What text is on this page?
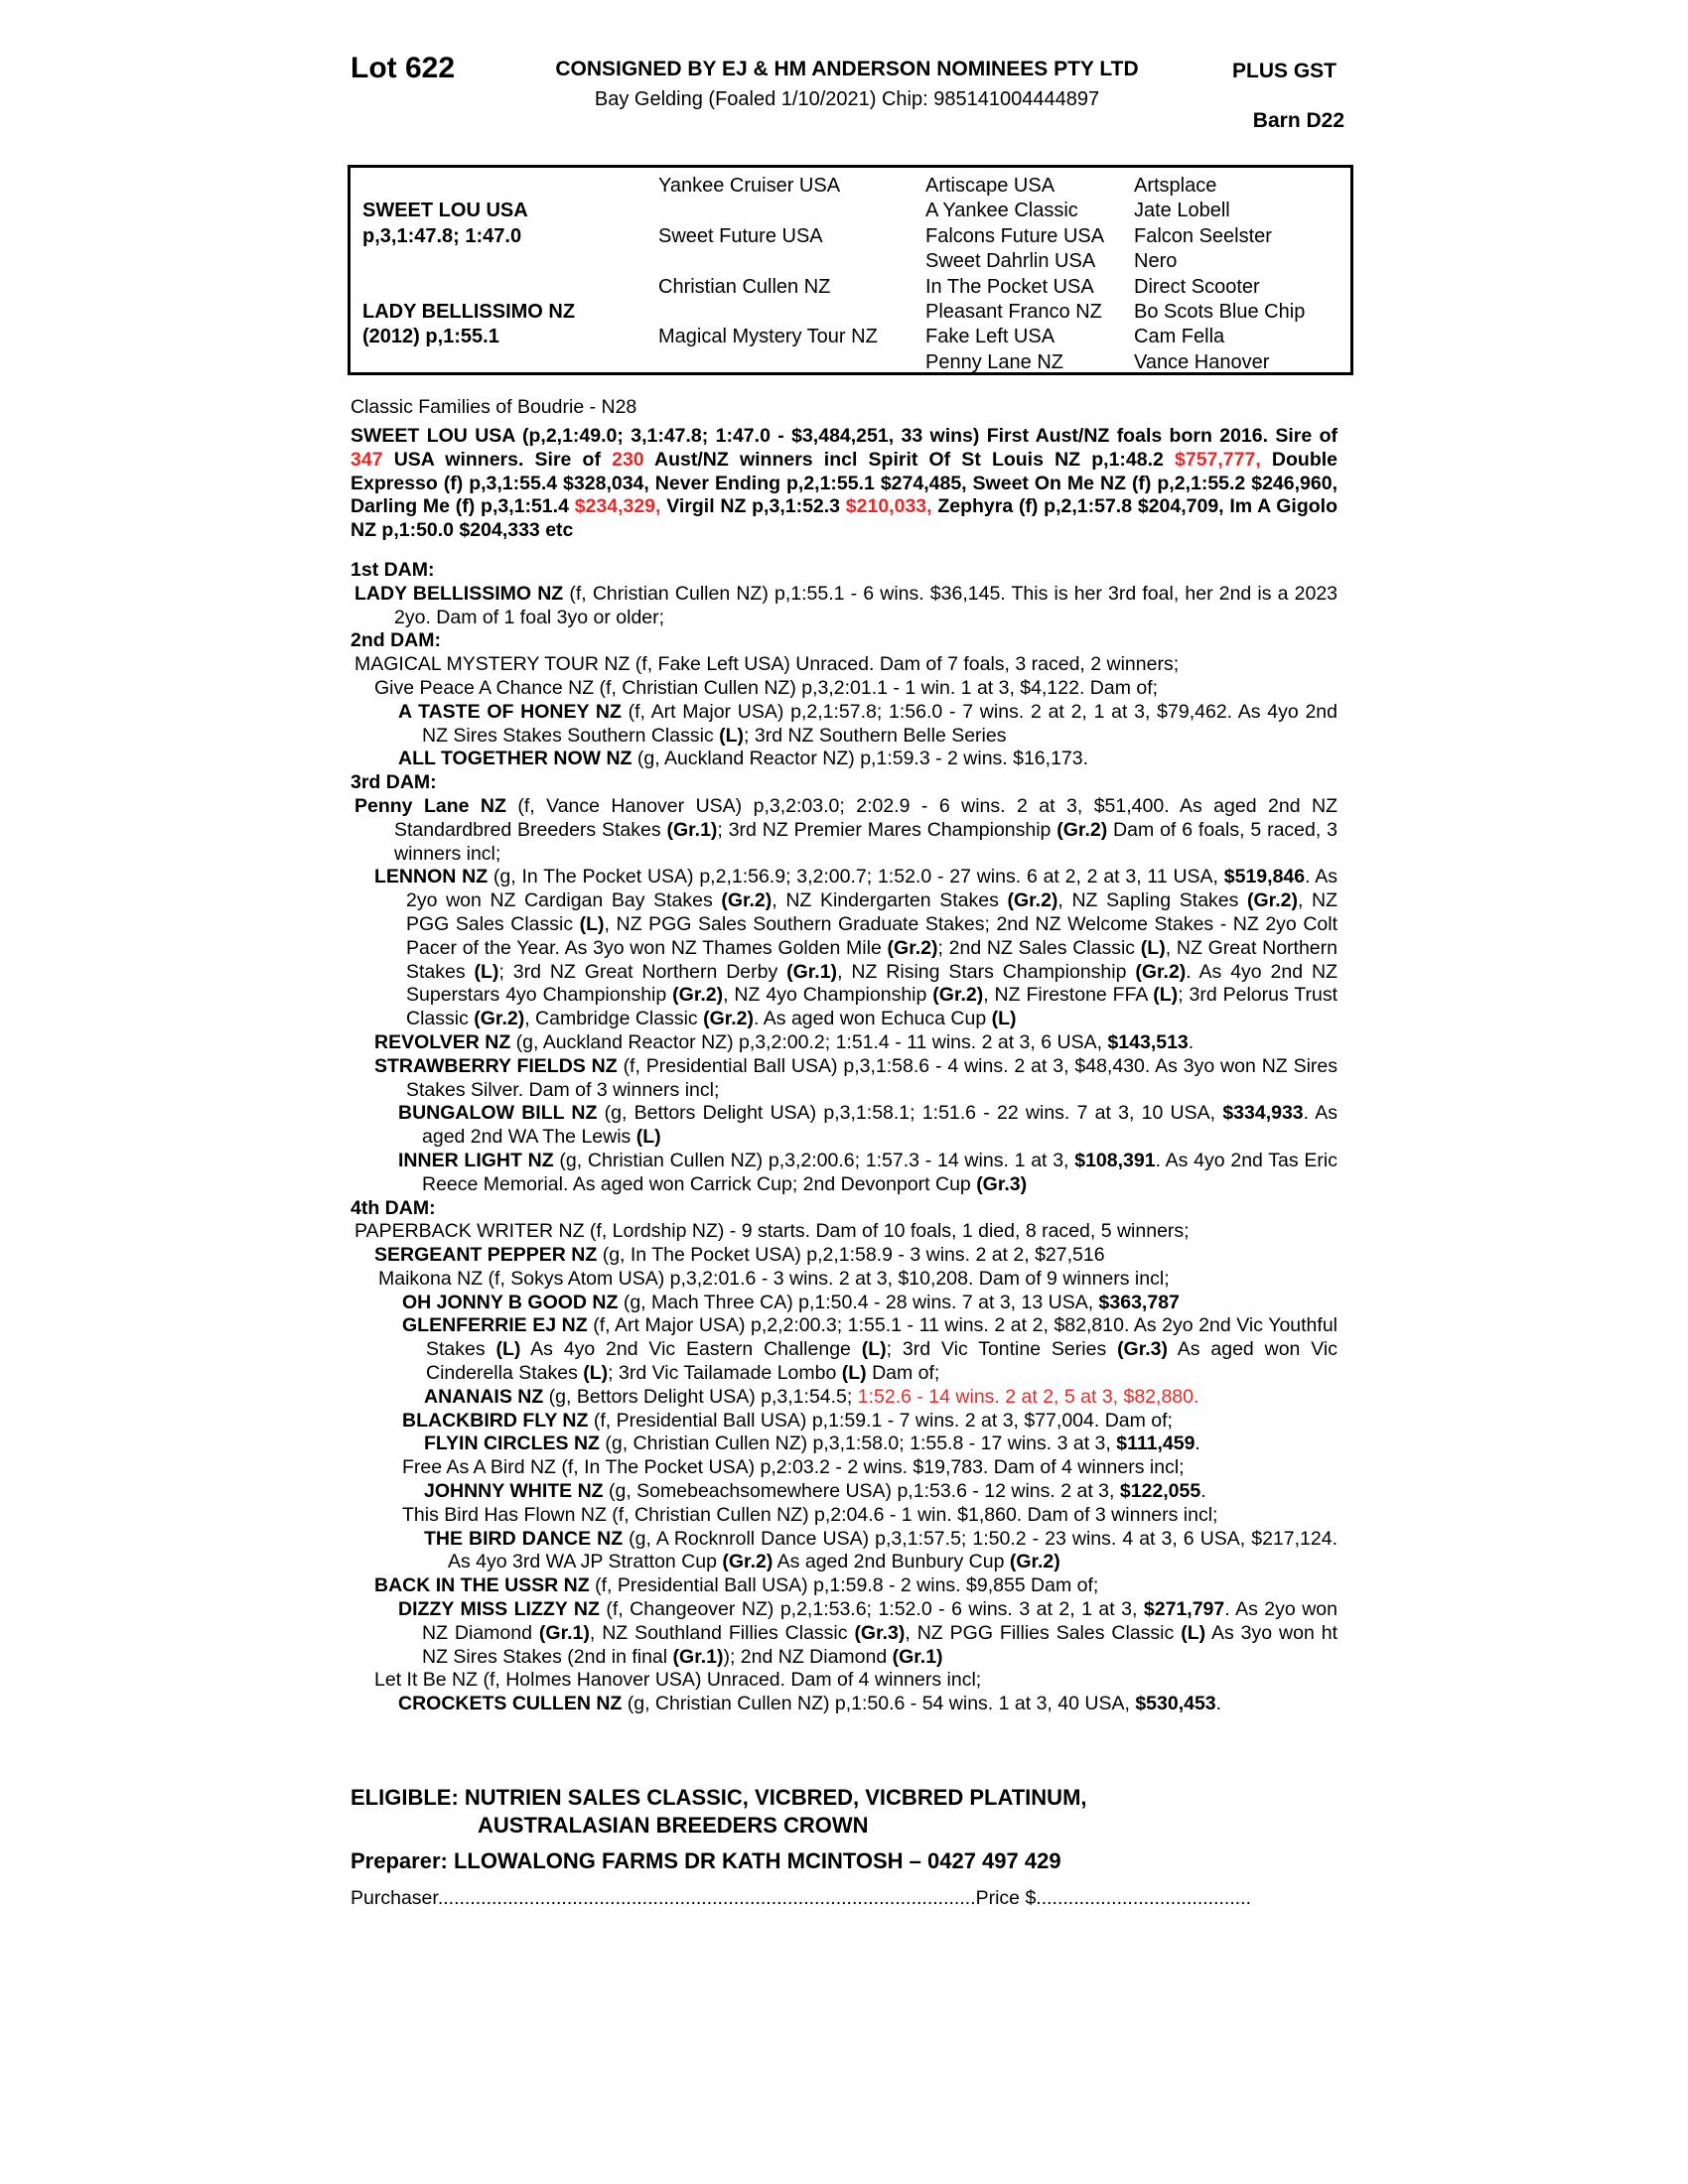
Lot 622	CONSIGNED BY EJ & HM ANDERSON NOMINEES PTY LTD
Bay Gelding (Foaled 1/10/2021) Chip: 985141004444897
PLUS GST
Barn D22
SWEET LOU USA
p,3,1:47.8; 1:47.0
LADY BELLISSIMO NZ
(2012) p,1:55.1
Yankee Cruiser USA
Sweet Future USA
Christian Cullen NZ
Magical Mystery Tour NZ
Artiscape USA
A Yankee Classic
Falcons Future USA
Sweet Dahrlin USA
In The Pocket USA
Pleasant Franco NZ
Fake Left USA
Penny Lane NZ
Artsplace
Jate Lobell
Falcon Seelster
Nero
Direct Scooter
Bo Scots Blue Chip
Cam Fella
Vance Hanover
Classic Families of Boudrie - N28
SWEET LOU USA (p,2,1:49.0; 3,1:47.8; 1:47.0 - $3,484,251, 33 wins) First Aust/NZ foals born 2016. Sire of 347 USA winners. Sire of 230 Aust/NZ winners incl Spirit Of St Louis NZ p,1:48.2 $757,777, Double Expresso (f) p,3,1:55.4 $328,034, Never Ending p,2,1:55.1 $274,485, Sweet On Me NZ (f) p,2,1:55.2 $246,960, Darling Me (f) p,3,1:51.4 $234,329, Virgil NZ p,3,1:52.3 $210,033, Zephyra (f) p,2,1:57.8 $204,709, Im A Gigolo NZ p,1:50.0 $204,333 etc
1st DAM:
LADY BELLISSIMO NZ (f, Christian Cullen NZ) p,1:55.1 - 6 wins. $36,145. This is her 3rd foal, her 2nd is a 2023 2yo. Dam of 1 foal 3yo or older;
2nd DAM:
MAGICAL MYSTERY TOUR NZ (f, Fake Left USA) Unraced. Dam of 7 foals, 3 raced, 2 winners;
Give Peace A Chance NZ (f, Christian Cullen NZ) p,3,2:01.1 - 1 win. 1 at 3, $4,122. Dam of;
A TASTE OF HONEY NZ (f, Art Major USA) p,2,1:57.8; 1:56.0 - 7 wins. 2 at 2, 1 at 3, $79,462. As 4yo 2nd NZ Sires Stakes Southern Classic (L); 3rd NZ Southern Belle Series
ALL TOGETHER NOW NZ (g, Auckland Reactor NZ) p,1:59.3 - 2 wins. $16,173.
3rd DAM:
Penny Lane NZ (f, Vance Hanover USA) p,3,2:03.0; 2:02.9 - 6 wins. 2 at 3, $51,400. As aged 2nd NZ Standardbred Breeders Stakes (Gr.1); 3rd NZ Premier Mares Championship (Gr.2) Dam of 6 foals, 5 raced, 3 winners incl;
LENNON NZ (g, In The Pocket USA) p,2,1:56.9; 3,2:00.7; 1:52.0 - 27 wins. 6 at 2, 2 at 3, 11 USA, $519,846. As 2yo won NZ Cardigan Bay Stakes (Gr.2), NZ Kindergarten Stakes (Gr.2), NZ Sapling Stakes (Gr.2), NZ PGG Sales Classic (L), NZ PGG Sales Southern Graduate Stakes; 2nd NZ Welcome Stakes - NZ 2yo Colt Pacer of the Year. As 3yo won NZ Thames Golden Mile (Gr.2); 2nd NZ Sales Classic (L), NZ Great Northern Stakes (L); 3rd NZ Great Northern Derby (Gr.1), NZ Rising Stars Championship (Gr.2). As 4yo 2nd NZ Superstars 4yo Championship (Gr.2), NZ 4yo Championship (Gr.2), NZ Firestone FFA (L); 3rd Pelorus Trust Classic (Gr.2), Cambridge Classic (Gr.2). As aged won Echuca Cup (L)
REVOLVER NZ (g, Auckland Reactor NZ) p,3,2:00.2; 1:51.4 - 11 wins. 2 at 3, 6 USA, $143,513.
STRAWBERRY FIELDS NZ (f, Presidential Ball USA) p,3,1:58.6 - 4 wins. 2 at 3, $48,430. As 3yo won NZ Sires Stakes Silver. Dam of 3 winners incl;
BUNGALOW BILL NZ (g, Bettors Delight USA) p,3,1:58.1; 1:51.6 - 22 wins. 7 at 3, 10 USA, $334,933. As aged 2nd WA The Lewis (L)
INNER LIGHT NZ (g, Christian Cullen NZ) p,3,2:00.6; 1:57.3 - 14 wins. 1 at 3, $108,391. As 4yo 2nd Tas Eric Reece Memorial. As aged won Carrick Cup; 2nd Devonport Cup (Gr.3)
4th DAM:
PAPERBACK WRITER NZ (f, Lordship NZ) - 9 starts. Dam of 10 foals, 1 died, 8 raced, 5 winners;
SERGEANT PEPPER NZ (g, In The Pocket USA) p,2,1:58.9 - 3 wins. 2 at 2, $27,516
Maikona NZ (f, Sokys Atom USA) p,3,2:01.6 - 3 wins. 2 at 3, $10,208. Dam of 9 winners incl;
OH JONNY B GOOD NZ (g, Mach Three CA) p,1:50.4 - 28 wins. 7 at 3, 13 USA, $363,787
GLENFERRIE EJ NZ (f, Art Major USA) p,2,2:00.3; 1:55.1 - 11 wins. 2 at 2, $82,810. As 2yo 2nd Vic Youthful Stakes (L) As 4yo 2nd Vic Eastern Challenge (L); 3rd Vic Tontine Series (Gr.3) As aged won Vic Cinderella Stakes (L); 3rd Vic Tailamade Lombo (L) Dam of;
ANANAIS NZ (g, Bettors Delight USA) p,3,1:54.5; 1:52.6 - 14 wins. 2 at 2, 5 at 3, $82,880.
BLACKBIRD FLY NZ (f, Presidential Ball USA) p,1:59.1 - 7 wins. 2 at 3, $77,004. Dam of;
FLYIN CIRCLES NZ (g, Christian Cullen NZ) p,3,1:58.0; 1:55.8 - 17 wins. 3 at 3, $111,459.
Free As A Bird NZ (f, In The Pocket USA) p,2:03.2 - 2 wins. $19,783. Dam of 4 winners incl;
JOHNNY WHITE NZ (g, Somebeachsomewhere USA) p,1:53.6 - 12 wins. 2 at 3, $122,055.
This Bird Has Flown NZ (f, Christian Cullen NZ) p,2:04.6 - 1 win. $1,860. Dam of 3 winners incl;
THE BIRD DANCE NZ (g, A Rocknroll Dance USA) p,3,1:57.5; 1:50.2 - 23 wins. 4 at 3, 6 USA, $217,124. As 4yo 3rd WA JP Stratton Cup (Gr.2) As aged 2nd Bunbury Cup (Gr.2)
BACK IN THE USSR NZ (f, Presidential Ball USA) p,1:59.8 - 2 wins. $9,855 Dam of;
DIZZY MISS LIZZY NZ (f, Changeover NZ) p,2,1:53.6; 1:52.0 - 6 wins. 3 at 2, 1 at 3, $271,797. As 2yo won NZ Diamond (Gr.1), NZ Southland Fillies Classic (Gr.3), NZ PGG Fillies Sales Classic (L) As 3yo won ht NZ Sires Stakes (2nd in final (Gr.1)); 2nd NZ Diamond (Gr.1)
Let It Be NZ (f, Holmes Hanover USA) Unraced. Dam of 4 winners incl;
CROCKETS CULLEN NZ (g, Christian Cullen NZ) p,1:50.6 - 54 wins. 1 at 3, 40 USA, $530,453.
ELIGIBLE: NUTRIEN SALES CLASSIC, VICBRED, VICBRED PLATINUM,
AUSTRALASIAN BREEDERS CROWN
Preparer: LLOWALONG FARMS DR KATH MCINTOSH – 0427 497 429
Purchaser....................................................................................................Price $........................................
